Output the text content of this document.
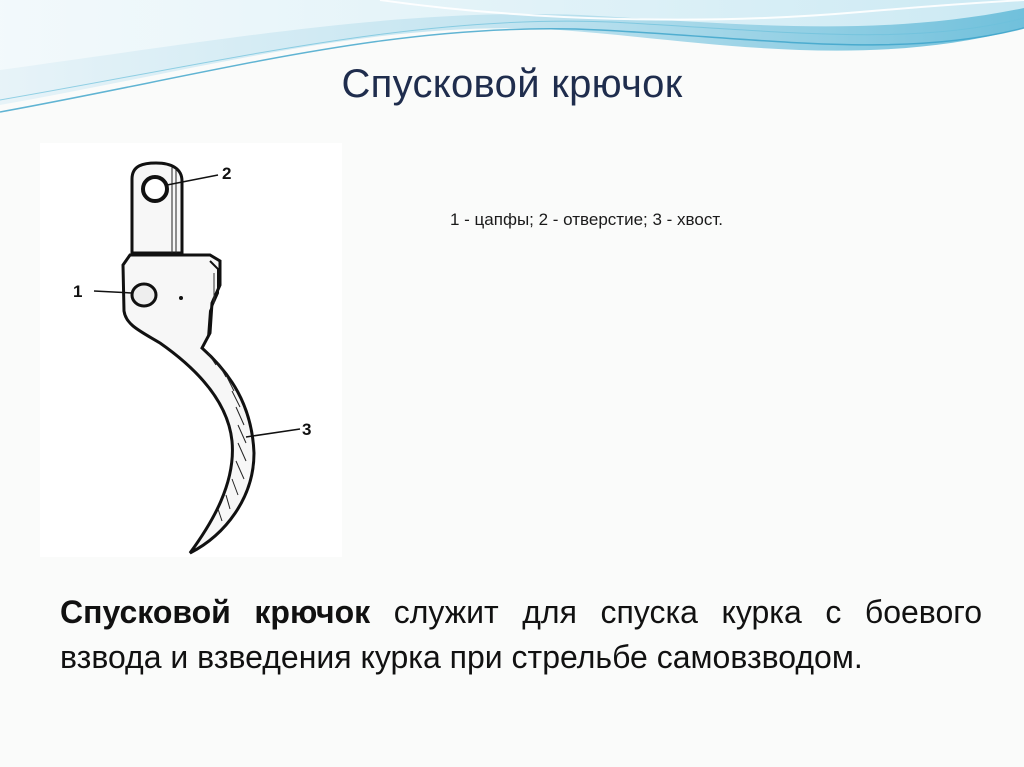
Спусковой крючок
1
2
3
1 - цапфы; 2 - отверстие; 3 - хвост.
Спусковой крючок служит для спуска курка с боевого взвода и взведения курка при стрельбе самовзводом.
